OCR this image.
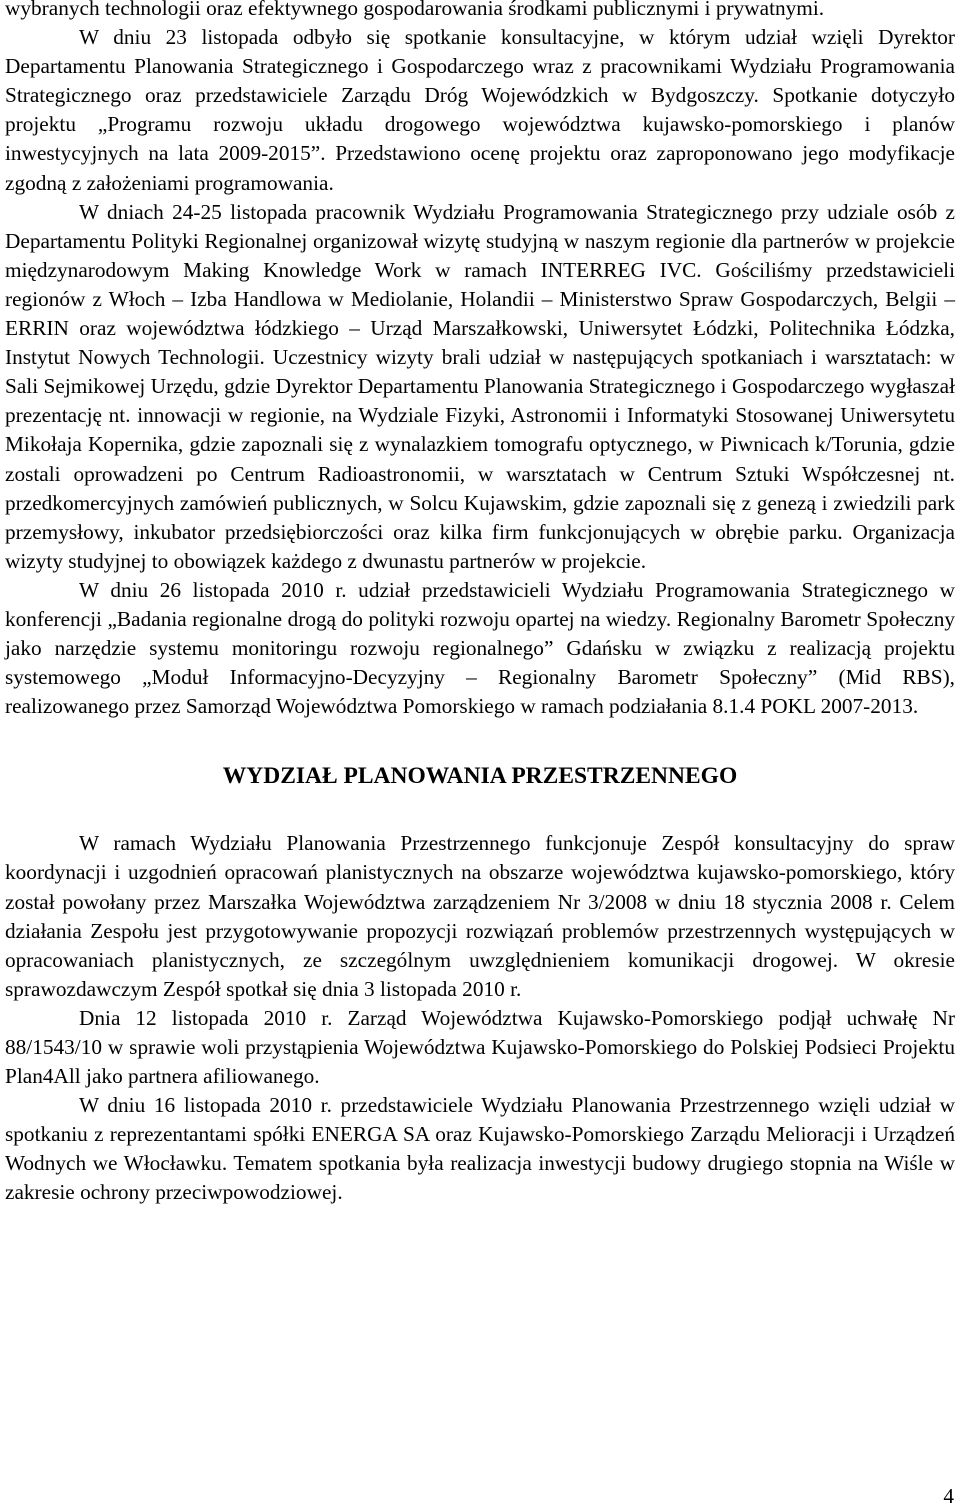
wybranych technologii oraz efektywnego gospodarowania środkami publicznymi i prywatnymi.

W dniu 23 listopada odbyło się spotkanie konsultacyjne, w którym udział wzięli Dyrektor Departamentu Planowania Strategicznego i Gospodarczego wraz z pracownikami Wydziału Programowania Strategicznego oraz przedstawiciele Zarządu Dróg Wojewódzkich w Bydgoszczy. Spotkanie dotyczyło projektu „Programu rozwoju układu drogowego województwa kujawsko-pomorskiego i planów inwestycyjnych na lata 2009-2015”. Przedstawiono ocenę projektu oraz zaproponowano jego modyfikacje zgodną z założeniami programowania.

W dniach 24-25 listopada pracownik Wydziału Programowania Strategicznego przy udziale osób z Departamentu Polityki Regionalnej organizował wizytę studyjną w naszym regionie dla partnerów w projekcie międzynarodowym Making Knowledge Work w ramach INTERREG IVC. Gościliśmy przedstawicieli regionów z Włoch – Izba Handlowa w Mediolanie, Holandii – Ministerstwo Spraw Gospodarczych, Belgii – ERRIN oraz województwa łódzkiego – Urząd Marszałkowski, Uniwersytet Łódzki, Politechnika Łódzka, Instytut Nowych Technologii. Uczestnicy wizyty brali udział w następujących spotkaniach i warsztatach: w Sali Sejmikowej Urzędu, gdzie Dyrektor Departamentu Planowania Strategicznego i Gospodarczego wygłaszał prezentację nt. innowacji w regionie, na Wydziale Fizyki, Astronomii i Informatyki Stosowanej Uniwersytetu Mikołaja Kopernika, gdzie zapoznali się z wynalazkiem tomografu optycznego, w Piwnicach k/Torunia, gdzie zostali oprowadzeni po Centrum Radioastronomii, w warsztatach w Centrum Sztuki Współczesnej nt. przedkomercyjnych zamówień publicznych, w Solcu Kujawskim, gdzie zapoznali się z genezą i zwiedzili park przemysłowy, inkubator przedsiębiorczości oraz kilka firm funkcjonujących w obrębie parku. Organizacja wizyty studyjnej to obowiązek każdego z dwunastu partnerów w projekcie.

W dniu 26 listopada 2010 r. udział przedstawicieli Wydziału Programowania Strategicznego w konferencji „Badania regionalne drogą do polityki rozwoju opartej na wiedzy. Regionalny Barometr Społeczny jako narzędzie systemu monitoringu rozwoju regionalnego” Gdańsku w związku z realizacją projektu systemowego „Moduł Informacyjno-Decyzyjny – Regionalny Barometr Społeczny” (Mid RBS), realizowanego przez Samorząd Województwa Pomorskiego w ramach podziałania 8.1.4 POKL 2007-2013.

WYDZIAŁ PLANOWANIA PRZESTRZENNEGO

W ramach Wydziału Planowania Przestrzennego funkcjonuje Zespół konsultacyjny do spraw koordynacji i uzgodnień opracowań planistycznych na obszarze województwa kujawsko-pomorskiego, który został powołany przez Marszałka Województwa zarządzeniem Nr 3/2008 w dniu 18 stycznia 2008 r. Celem działania Zespołu jest przygotowywanie propozycji rozwiązań problemów przestrzennych występujących w opracowaniach planistycznych, ze szczególnym uwzględnieniem komunikacji drogowej. W okresie sprawozdawczym Zespół spotkał się dnia 3 listopada 2010 r.

Dnia 12 listopada 2010 r. Zarząd Województwa Kujawsko-Pomorskiego podjął uchwałę Nr 88/1543/10 w sprawie woli przystąpienia Województwa Kujawsko-Pomorskiego do Polskiej Podsieci Projektu Plan4All jako partnera afiliowanego.

W dniu 16 listopada 2010 r. przedstawiciele Wydziału Planowania Przestrzennego wzięli udział w spotkaniu z reprezentantami spółki ENERGA SA oraz Kujawsko-Pomorskiego Zarządu Melioracji i Urządzeń Wodnych we Włocławku. Tematem spotkania była realizacja inwestycji budowy drugiego stopnia na Wiśle w zakresie ochrony przeciwpowodziowej.

4
